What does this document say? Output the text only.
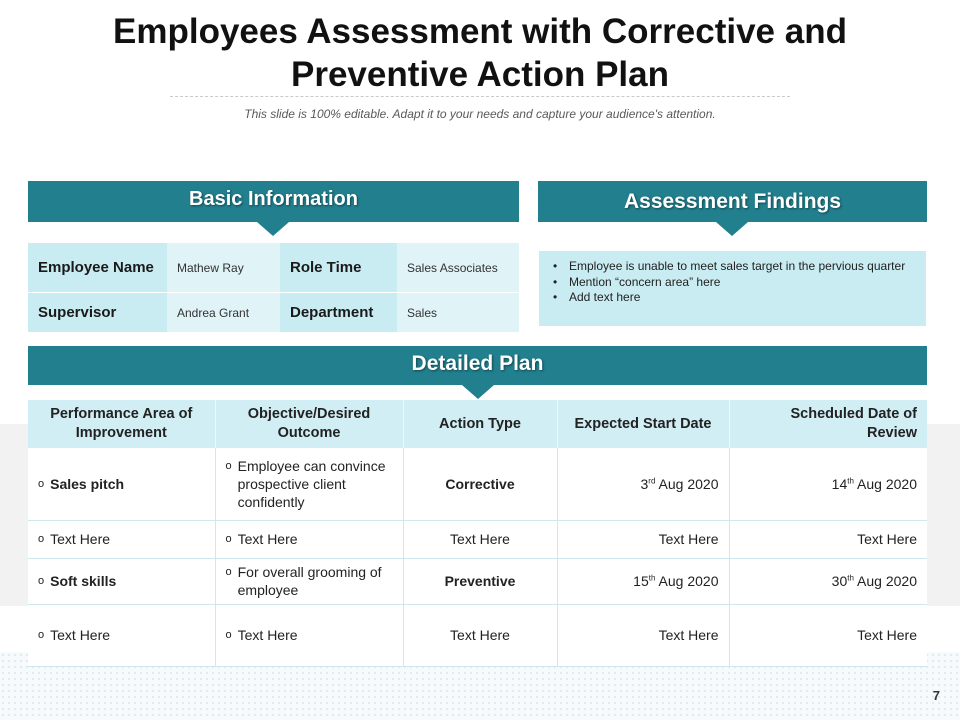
Employees Assessment with Corrective and
Preventive Action Plan

This slide is 100% editable. Adapt it to your needs and capture your audience's attention.

Basic Information
Employee Name	Mathew Ray	Role Time	Sales Associates
Supervisor	Andrea Grant	Department	Sales
Assessment Findings
• Employee is unable to meet sales target in the pervious quarter
• Mention “concern area” here
• Add text here
Detailed Plan
Performance Area of Improvement	Objective/Desired Outcome	Action Type	Expected Start Date	Scheduled Date of Review

o Sales pitch	o Employee can convince prospective client confidently	Corrective	3rd Aug 2020	14th Aug 2020

o Text Here	o Text Here	Text Here	Text Here	Text Here

o Soft skills	o For overall grooming of employee	Preventive	15th Aug 2020	30th Aug 2020

o Text Here	o Text Here	Text Here	Text Here	Text Here
7
